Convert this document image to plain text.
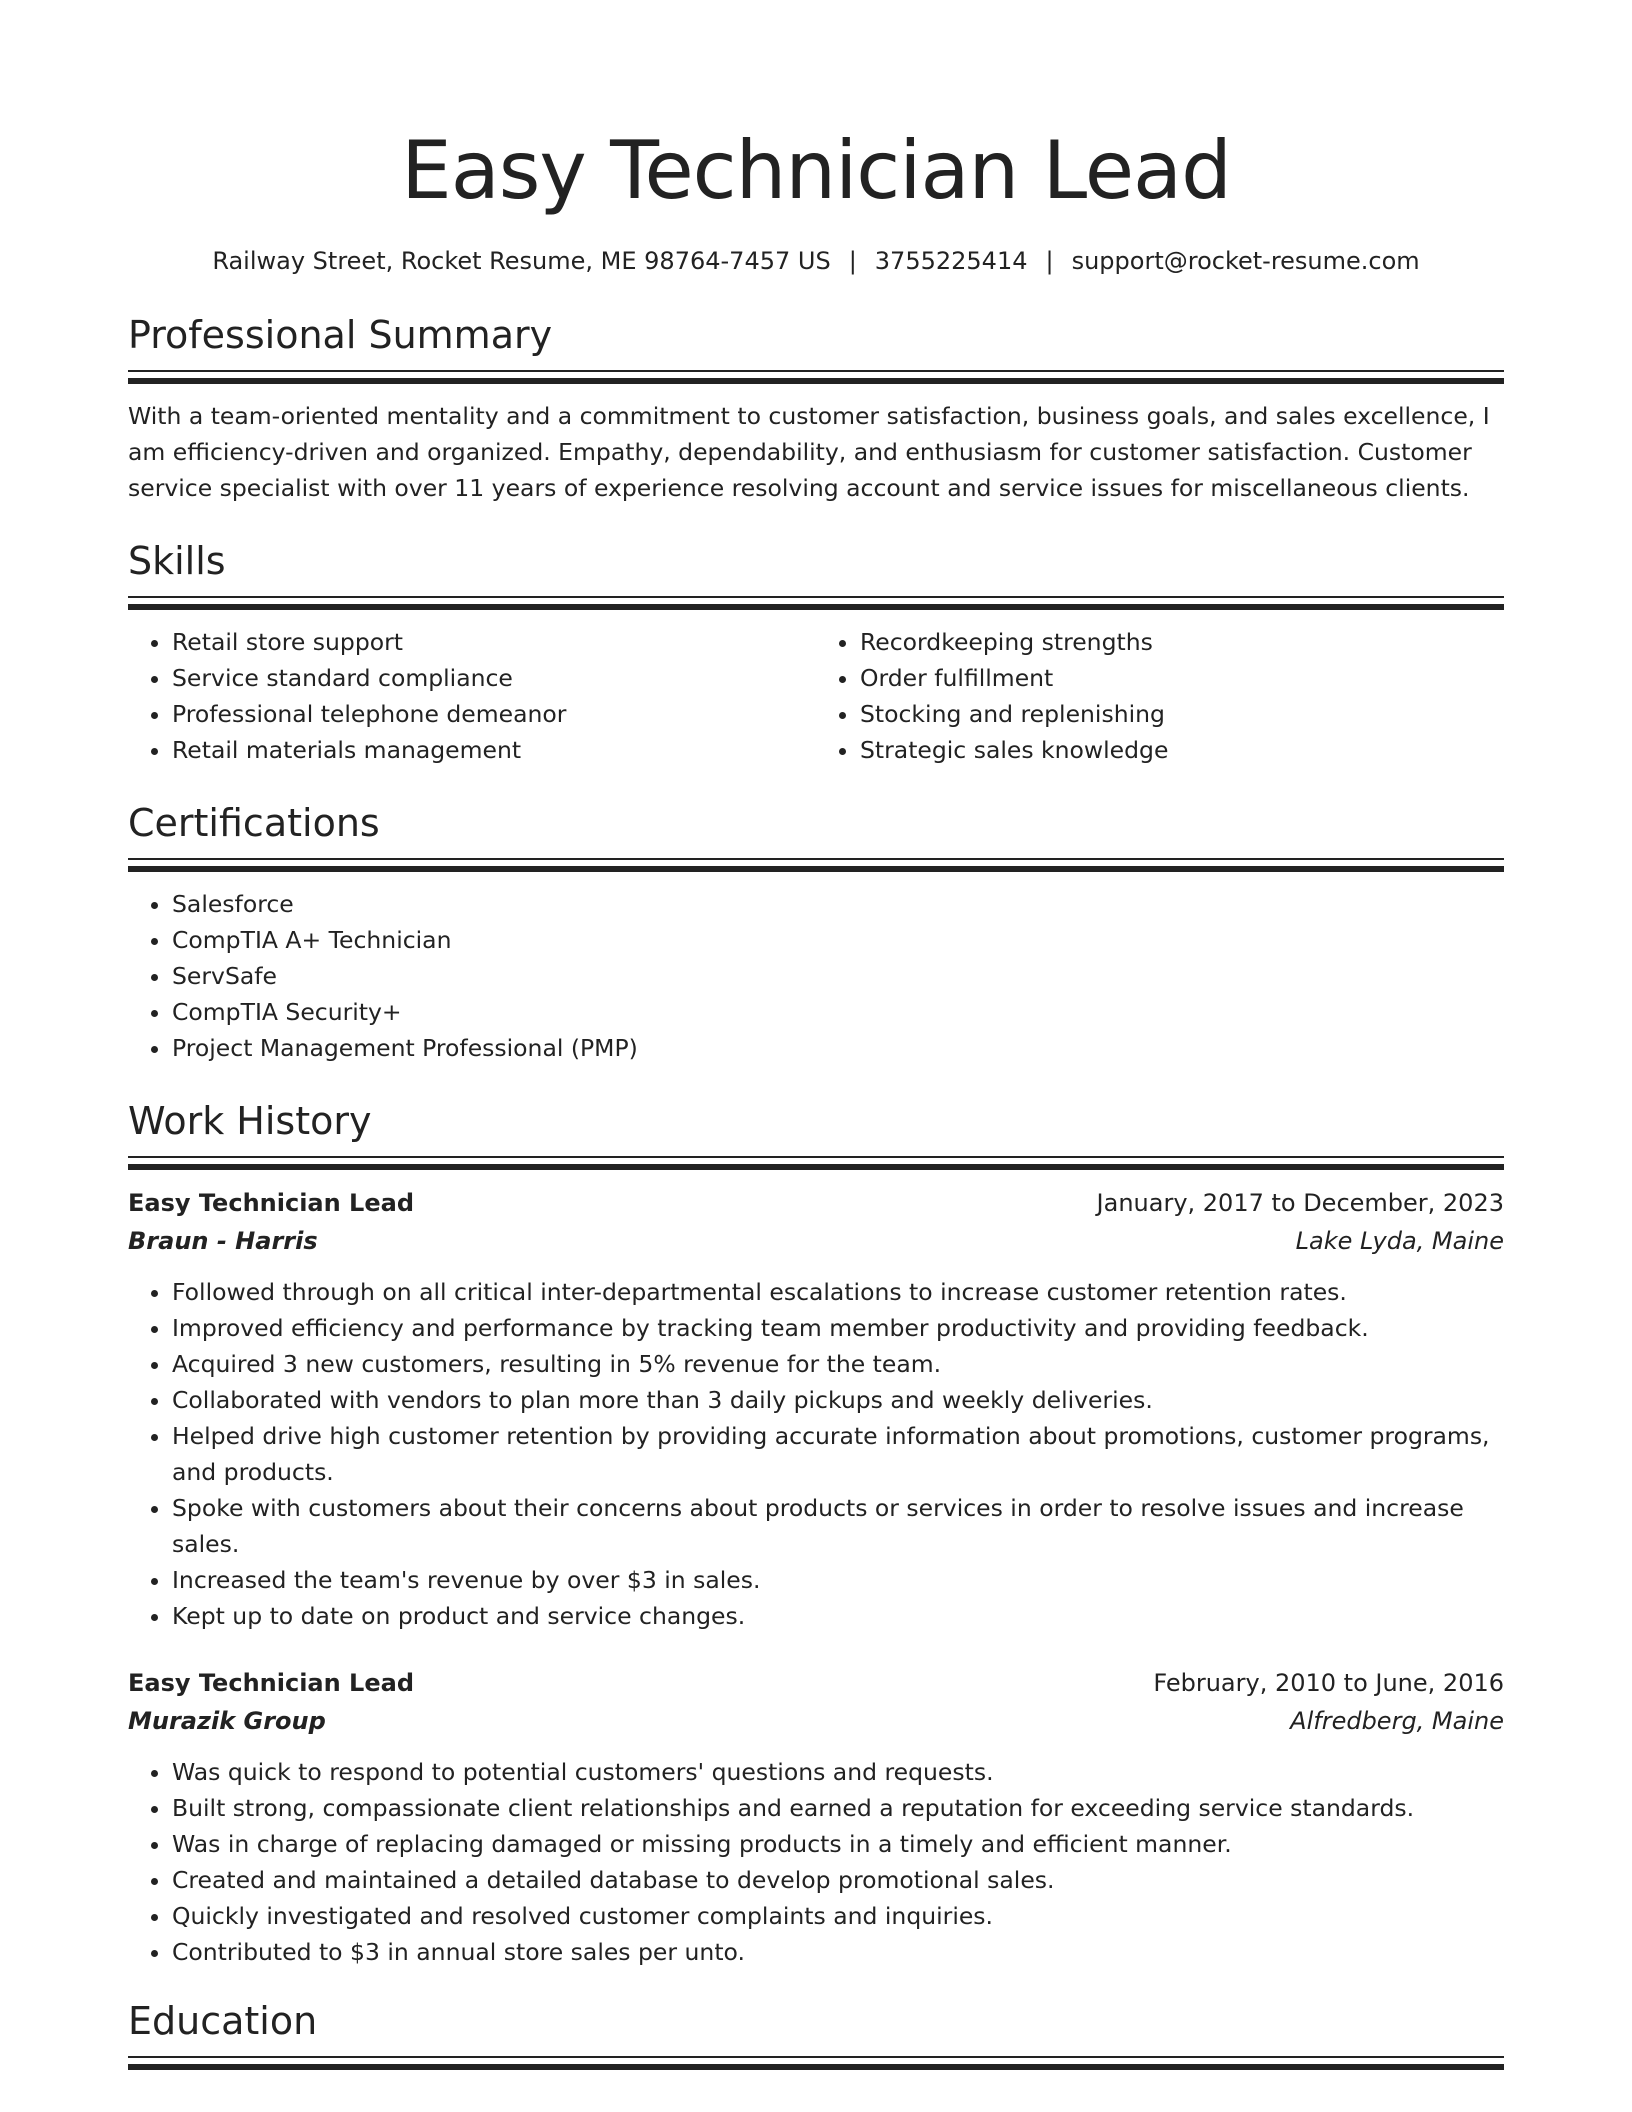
Easy Technician Lead
Railway Street, Rocket Resume, ME 98764-7457 US | 3755225414 | support@rocket-resume.com
Professional Summary

With a team-oriented mentality and a commitment to customer satisfaction, business goals, and sales excellence, I am efficiency-driven and organized. Empathy, dependability, and enthusiasm for customer satisfaction. Customer service specialist with over 11 years of experience resolving account and service issues for miscellaneous clients.

Skills
• Retail store support
• Service standard compliance
• Professional telephone demeanor
• Retail materials management
• Recordkeeping strengths
• Order fulfillment
• Stocking and replenishing
• Strategic sales knowledge
Certifications
• Salesforce
• CompTIA A+ Technician
• ServSafe
• CompTIA Security+
• Project Management Professional (PMP)
Work History
Easy Technician Lead	January, 2017 to December, 2023
Braun - Harris	Lake Lyda, Maine
• Followed through on all critical inter-departmental escalations to increase customer retention rates.
• Improved efficiency and performance by tracking team member productivity and providing feedback.
• Acquired 3 new customers, resulting in 5% revenue for the team.
• Collaborated with vendors to plan more than 3 daily pickups and weekly deliveries.
• Helped drive high customer retention by providing accurate information about promotions, customer programs, and products.
• Spoke with customers about their concerns about products or services in order to resolve issues and increase sales.
• Increased the team's revenue by over $3 in sales.
• Kept up to date on product and service changes.
Easy Technician Lead	February, 2010 to June, 2016
Murazik Group	Alfredberg, Maine
• Was quick to respond to potential customers' questions and requests.
• Built strong, compassionate client relationships and earned a reputation for exceeding service standards.
• Was in charge of replacing damaged or missing products in a timely and efficient manner.
• Created and maintained a detailed database to develop promotional sales.
• Quickly investigated and resolved customer complaints and inquiries.
• Contributed to $3 in annual store sales per unto.
Education
